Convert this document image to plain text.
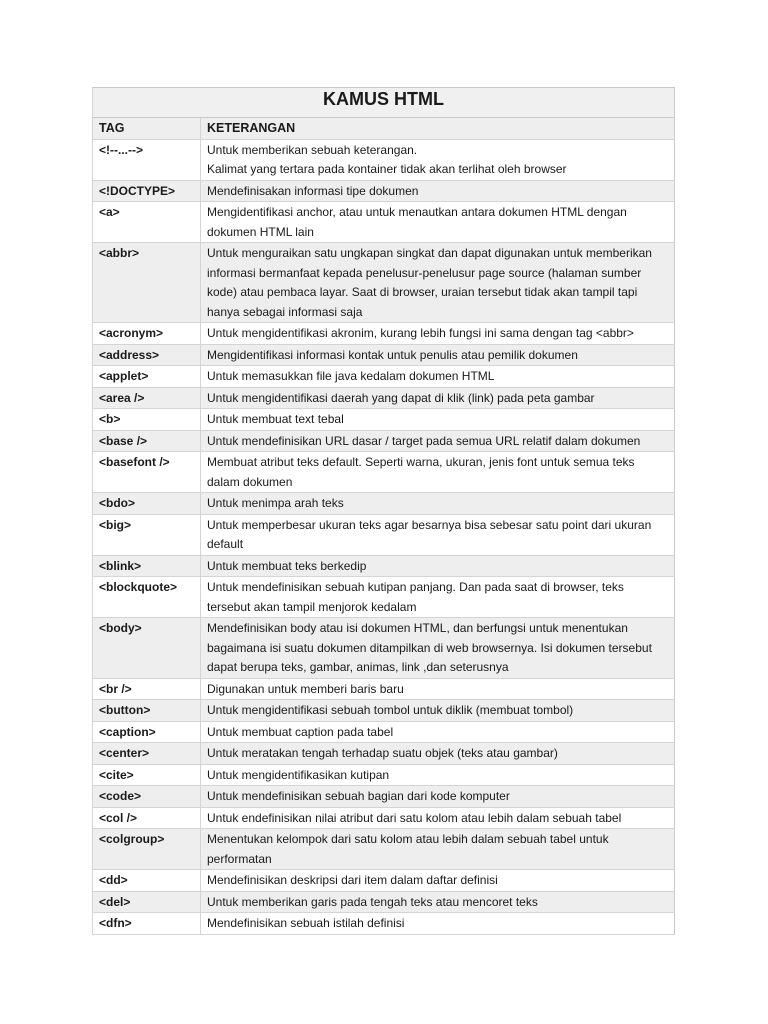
KAMUS HTML	
TAG	KETERANGAN
<!--...-->	Untuk memberikan sebuah keterangan.
Kalimat yang tertara pada kontainer tidak akan terlihat oleh browser
<!DOCTYPE>	Mendefinisakan informasi tipe dokumen
<a>	Mengidentifikasi anchor, atau untuk menautkan antara dokumen HTML dengan dokumen HTML lain
<abbr>	Untuk menguraikan satu ungkapan singkat dan dapat digunakan untuk memberikan informasi bermanfaat kepada penelusur-penelusur page source (halaman sumber kode) atau pembaca layar. Saat di browser, uraian tersebut tidak akan tampil tapi hanya sebagai informasi saja
<acronym>	Untuk mengidentifikasi akronim, kurang lebih fungsi ini sama dengan tag <abbr>
<address>	Mengidentifikasi informasi kontak untuk penulis atau pemilik dokumen
<applet>	Untuk memasukkan file java kedalam dokumen HTML
<area />	Untuk mengidentifikasi daerah yang dapat di klik (link) pada peta gambar
<b>	Untuk membuat text tebal
<base />	Untuk mendefinisikan URL dasar / target pada semua URL relatif dalam dokumen
<basefont />	Membuat atribut teks default. Seperti warna, ukuran, jenis font untuk semua teks dalam dokumen
<bdo>	Untuk menimpa arah teks
<big>	Untuk memperbesar ukuran teks agar besarnya bisa sebesar satu point dari ukuran default
<blink>	Untuk membuat teks berkedip
<blockquote>	Untuk mendefinisikan sebuah kutipan panjang. Dan pada saat di browser, teks tersebut akan tampil menjorok kedalam
<body>	Mendefinisikan body atau isi dokumen HTML, dan berfungsi untuk menentukan bagaimana isi suatu dokumen ditampilkan di web browsernya. Isi dokumen tersebut dapat berupa teks, gambar, animas, link ,dan seterusnya
<br />	Digunakan untuk memberi baris baru
<button>	Untuk mengidentifikasi sebuah tombol untuk diklik (membuat tombol)
<caption>	Untuk membuat caption pada tabel
<center>	Untuk meratakan tengah terhadap suatu objek (teks atau gambar)
<cite>	Untuk mengidentifikasikan kutipan
<code>	Untuk mendefinisikan sebuah bagian dari kode komputer
<col />	Untuk endefinisikan nilai atribut dari satu kolom atau lebih dalam sebuah tabel
<colgroup>	Menentukan kelompok dari satu kolom atau lebih dalam sebuah tabel untuk performatan
<dd>	Mendefinisikan deskripsi dari item dalam daftar definisi
<del>	Untuk memberikan garis pada tengah teks atau mencoret teks
<dfn>	Mendefinisikan sebuah istilah definisi
